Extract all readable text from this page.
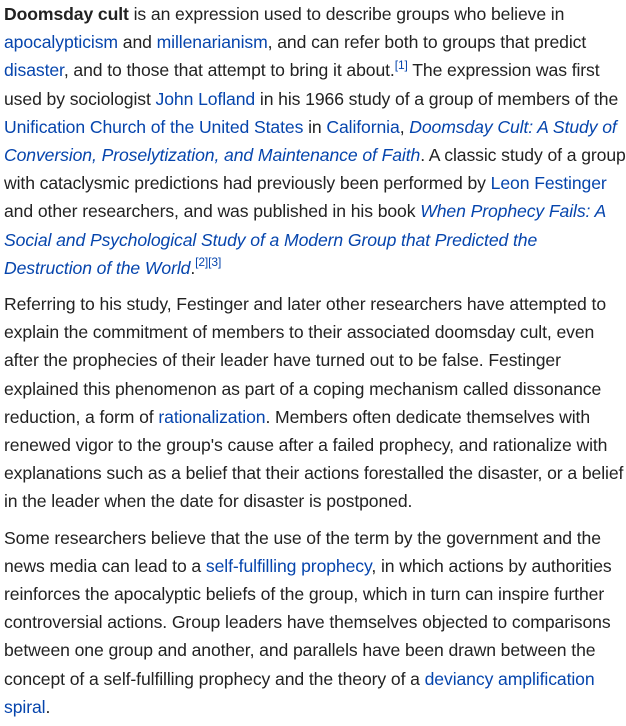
Doomsday cult is an expression used to describe groups who believe in apocalypticism and millenarianism, and can refer both to groups that predict disaster, and to those that attempt to bring it about.[1] The expression was first used by sociologist John Lofland in his 1966 study of a group of members of the Unification Church of the United States in California, Doomsday Cult: A Study of Conversion, Proselytization, and Maintenance of Faith. A classic study of a group with cataclysmic predictions had previously been performed by Leon Festinger and other researchers, and was published in his book When Prophecy Fails: A Social and Psychological Study of a Modern Group that Predicted the Destruction of the World.[2][3]

Referring to his study, Festinger and later other researchers have attempted to explain the commitment of members to their associated doomsday cult, even after the prophecies of their leader have turned out to be false. Festinger explained this phenomenon as part of a coping mechanism called dissonance reduction, a form of rationalization. Members often dedicate themselves with renewed vigor to the group's cause after a failed prophecy, and rationalize with explanations such as a belief that their actions forestalled the disaster, or a belief in the leader when the date for disaster is postponed.

Some researchers believe that the use of the term by the government and the news media can lead to a self-fulfilling prophecy, in which actions by authorities reinforces the apocalyptic beliefs of the group, which in turn can inspire further controversial actions. Group leaders have themselves objected to comparisons between one group and another, and parallels have been drawn between the concept of a self-fulfilling prophecy and the theory of a deviancy amplification spiral.
